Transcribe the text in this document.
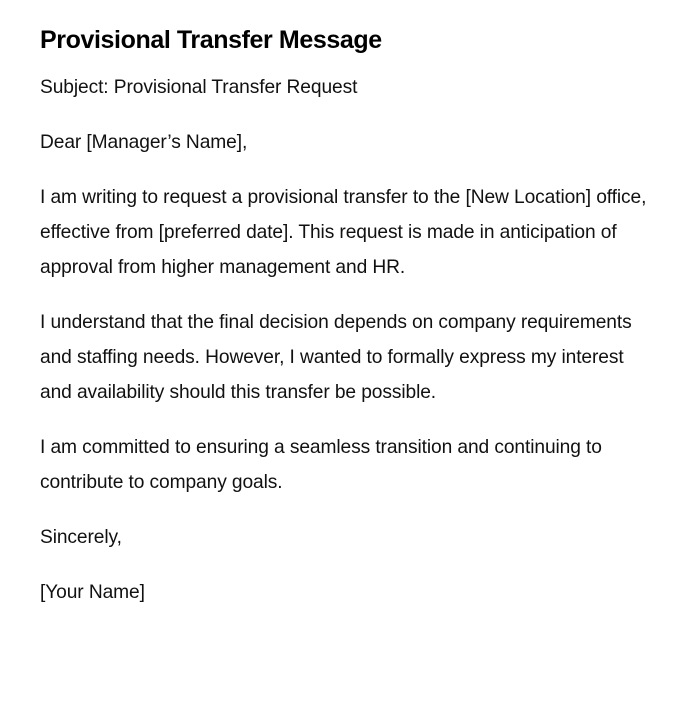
Provisional Transfer Message

Subject: Provisional Transfer Request

Dear [Manager’s Name],

I am writing to request a provisional transfer to the [New Location] office, effective from [preferred date]. This request is made in anticipation of approval from higher management and HR.

I understand that the final decision depends on company requirements and staffing needs. However, I wanted to formally express my interest and availability should this transfer be possible.

I am committed to ensuring a seamless transition and continuing to contribute to company goals.

Sincerely,

[Your Name]
